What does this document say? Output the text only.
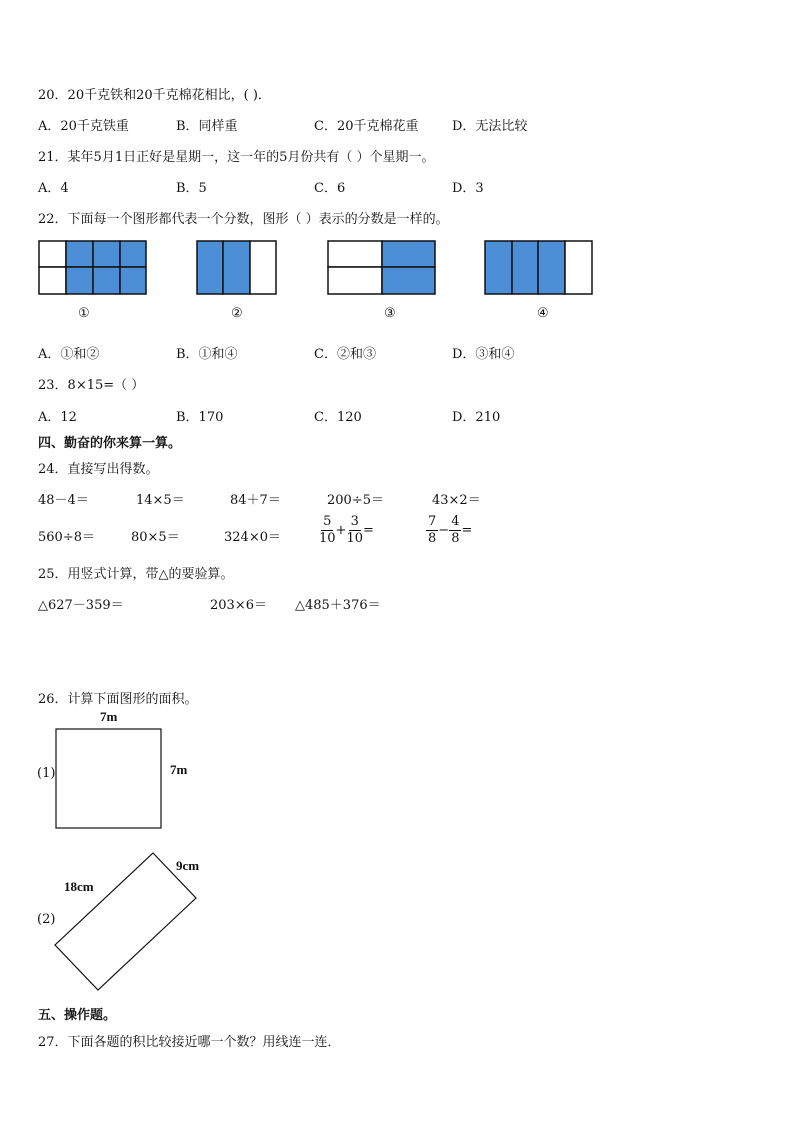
20．20千克铁和20千克棉花相比，( )．
A．20千克铁重	B．同样重	C．20千克棉花重	D．无法比较
21．某年5月1日正好是星期一，这一年的5月份共有（ ）个星期一。
A．4	B．5	C．6	D．3
22．下面每一个图形都代表一个分数，图形（ ）表示的分数是一样的。
①	②	③	④
A．①和②	B．①和④	C．②和③	D．③和④
23．8×15=（ ）
A．12	B．170	C．120	D．210
四、勤奋的你来算一算。
24．直接写出得数。
48－4＝	14×5＝	84＋7＝	200÷5＝	43×2＝
560÷8＝	80×5＝	324×0＝	$\frac{5}{10} + \frac{3}{10}$ =	$\frac{7}{8} - \frac{4}{8}$ =
25．用竖式计算，带△的要验算。
△627－359＝	203×6＝ △485＋376＝
26．计算下面图形的面积。
7m
(1)	7m
9cm
18cm
(2)
五、操作题。
27．下面各题的积比较接近哪一个数？用线连一连．
